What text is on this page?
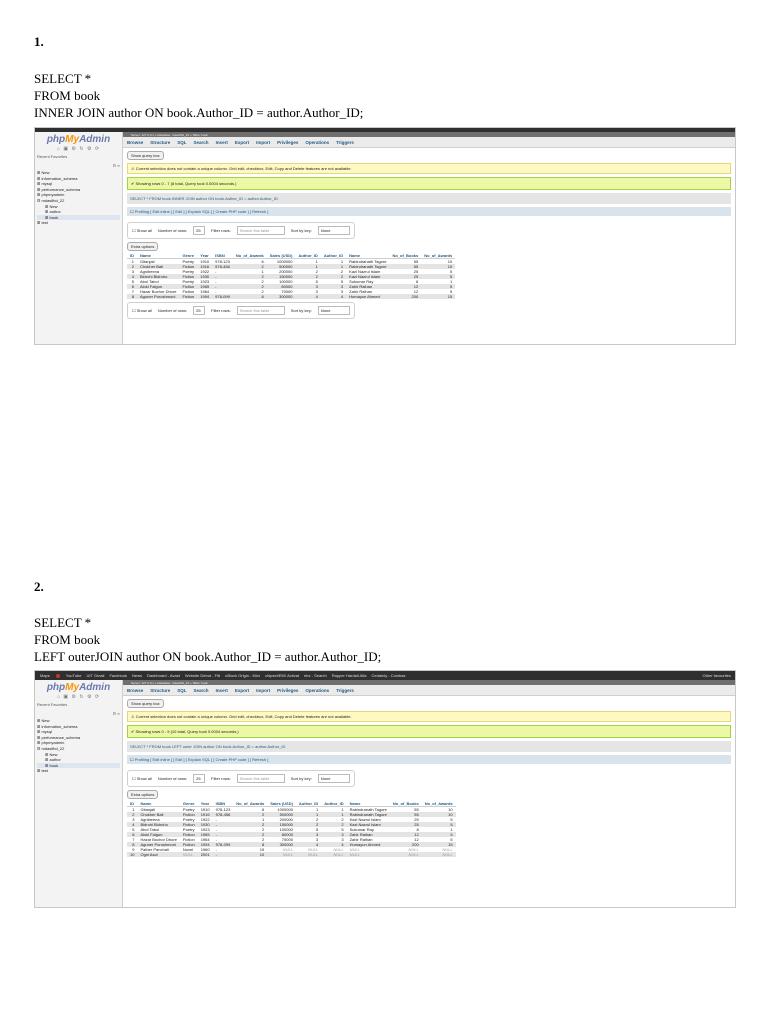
1.
SELECT *
FROM book
INNER JOIN author ON book.Author_ID = author.Author_ID;
phpMyAdmin
⌂ ▣ ⚙ ↻ ⚙ ⟳
Recent Favorites
⊟ ∞
⊞ New
⊞ information_schema
⊞ mysql
⊞ performance_schema
⊞ phpmyadmin
⊟ mdasifbd_22
⊞ New
⊞ author
⊞ book
⊞ test
Server: 127.0.0.1 » Database: mdasifbd_22 » Table: book
Browse Structure SQL Search Insert Export Import Privileges Operations Triggers
Show query box
⚠ Current selection does not contain a unique column. Grid edit, checkbox, Edit, Copy and Delete features are not available.
✔ Showing rows 0 - 7 (8 total, Query took 0.0004 seconds.)
SELECT * FROM book INNER JOIN author ON book.Author_ID = author.Author_ID
☐ Profiling [ Edit inline ] [ Edit ] [ Explain SQL ] [ Create PHP code ] [ Refresh ]
☐ Show all Number of rows:	25	Filter rows:	Search this table	Sort by key:	None
Extra options
ID	Name	Genre	Year	ISBN	No_of_Awards	Sales (USD)	Author_ID	Author_ID	Name	No_of_Books	No_of_Awards
1	Gitanjali	Poetry	1910	978-123	6	1000000	1	1	Rabindranath Tagore	55	10
2	Chokher Bali	Fiction	1916	978-456	2	500000	1	1	Rabindranath Tagore	55	10
3	Agnibeena	Poetry	1922	-	1	200000	2	2	Kazi Nazrul Islam	25	5
4	Bidrohi Bidroho	Fiction	1930	-	2	150000	2	2	Kazi Nazrul Islam	25	5
5	Abol Tabol	Poetry	1923	-	2	100000	5	5	Sukumar Ray	8	1
6	Aloki Falgun	Fiction	1965	-	2	80000	3	3	Zahir Raihan	12	5
7	Hazar Bochor Dhore	Fiction	1964	-	2	70000	3	3	Zahir Raihan	12	5
8	Aguner Poroshmoni	Fiction	1994	978-099	8	300000	4	4	Humayun Ahmed	200	15
☐ Show all Number of rows:	25	Filter rows:	Search this table	Sort by key:	None
2.
SELECT *
FROM book
LEFT outerJOIN author ON book.Author_ID = author.Author_ID;
Maps	YouTube UIT Gmail Facebook News Dashboard - Avast Website Debut - Fitt uBlock Origin - Micr chipset/EfiX Activat ebz - Search Rapper Hardali Alfa Certainly - Coinbas	Other favourites
phpMyAdmin
⌂ ▣ ⚙ ↻ ⚙ ⟳
Recent Favorites
⊟ ∞
⊞ New
⊞ information_schema
⊞ mysql
⊞ performance_schema
⊞ phpmyadmin
⊟ mdasifbd_22
⊞ New
⊞ author
⊞ book
⊞ test
Server: 127.0.0.1 » Database: mdasifbd_22 » Table: book
Browse Structure SQL Search Insert Export Import Privileges Operations Triggers
Show query box
⚠ Current selection does not contain a unique column. Grid edit, checkbox, Edit, Copy and Delete features are not available.
✔ Showing rows 0 - 9 (10 total, Query took 0.0004 seconds.)
SELECT * FROM book LEFT outer JOIN author ON book.Author_ID = author.Author_ID
☐ Profiling [ Edit inline ] [ Edit ] [ Explain SQL ] [ Create PHP code ] [ Refresh ]
☐ Show all Number of rows:	25	Filter rows:	Search this table	Sort by key:	None
Extra options
ID	Name	Genre	Year	ISBN	No_of_Awards	Sales (USD)	Author_ID	Author_ID	Name	No_of_Books	No_of_Awards
1	Gitanjali	Poetry	1910	978-123	6	1000000	1	1	Rabindranath Tagore	55	10
2	Chokher Bali	Fiction	1916	978-456	2	500000	1	1	Rabindranath Tagore	55	10
3	Agnibeena	Poetry	1922	-	1	200000	2	2	Kazi Nazrul Islam	25	5
4	Bidrohi Bidroho	Fiction	1930	-	2	150000	2	2	Kazi Nazrul Islam	25	5
5	Abol Tabol	Poetry	1923	-	2	100000	5	5	Sukumar Ray	8	1
6	Aloki Falgun	Fiction	1965	-	2	80000	3	3	Zahir Raihan	12	5
7	Hazar Bochor Dhore	Fiction	1964	-	2	70000	3	3	Zahir Raihan	12	5
8	Aguner Poroshmoni	Fiction	1994	978-099	8	300000	4	4	Humayun Ahmed	200	15
9	Pather Panchali	Novel	1960	-	15	NULL	NULL	NULL	NULL	NULL	NULL
10	Ogni Asol	NULL	2001	-	10	NULL	NULL	NULL	NULL	NULL	NULL
